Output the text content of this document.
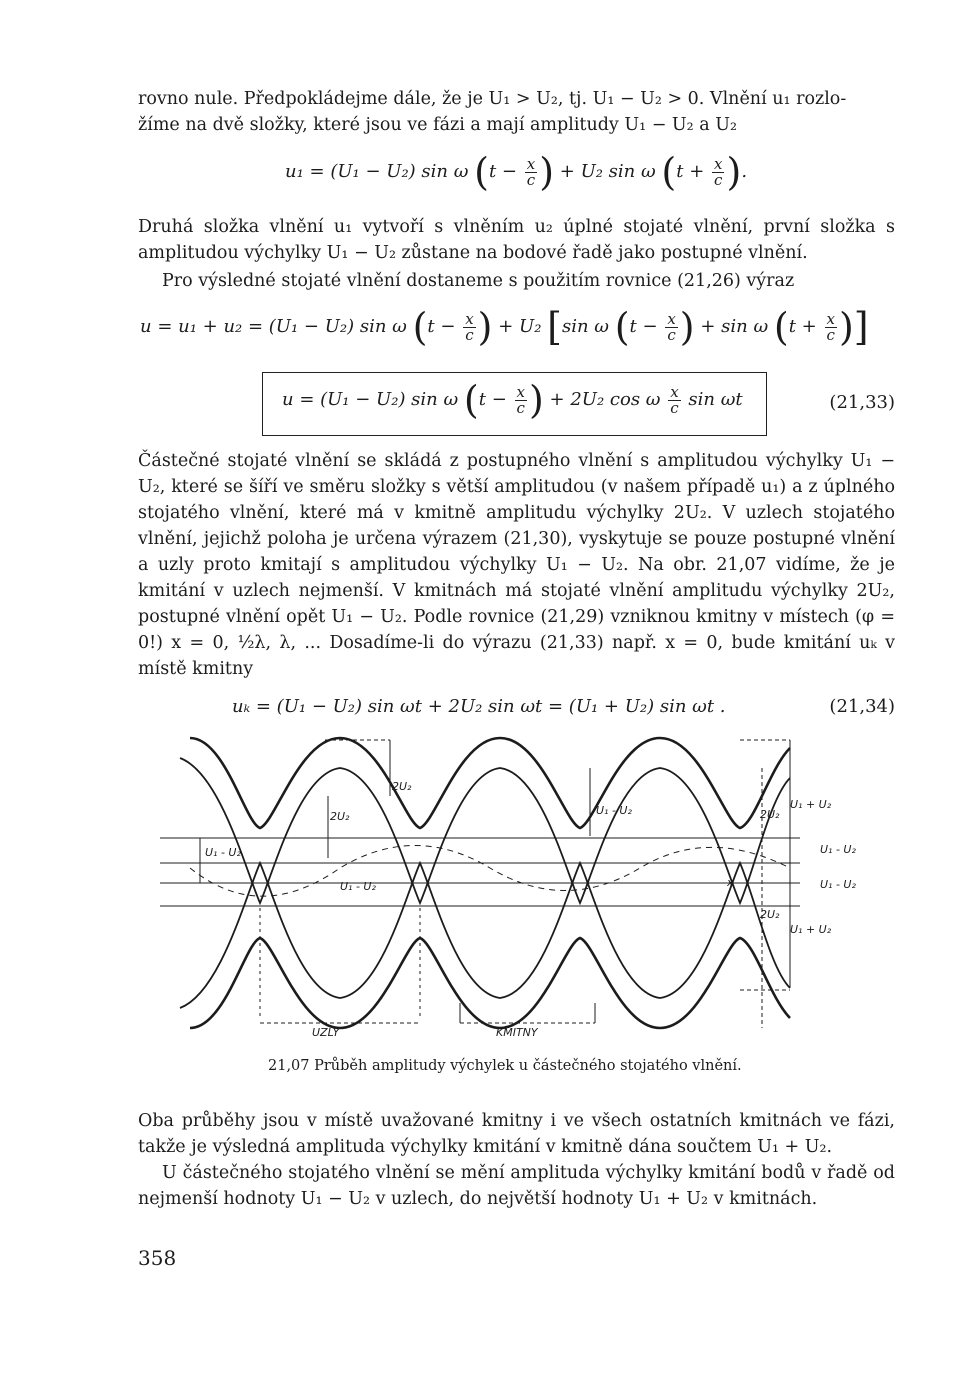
rovno nule. Předpokládejme dále, že je U₁ > U₂, tj. U₁ − U₂ > 0. Vlnění u₁ rozlo-
žíme na dvě složky, které jsou ve fázi a mají amplitudy U₁ − U₂ a U₂
u₁ = (U₁ − U₂) sin ω ($t - \frac{x}{c}$ ) + U₂ sin ω ($t + \frac{x}{c}$ ).
Druhá složka vlnění u₁ vytvoří s vlněním u₂ úplné stojaté vlnění, první složka s amplitudou výchylky U₁ − U₂ zůstane na bodové řadě jako postupné vlnění.
Pro výsledné stojaté vlnění dostaneme s použitím rovnice (21,26) výraz
u = u₁ + u₂ = (U₁ − U₂) sin ω ($t - \frac{x}{c}$ ) + U₂ [sin ω ($t - \frac{x}{c}$ ) + sin ω ($t + \frac{x}{c}$ )]
u = (U₁ − U₂) sin ω ($t - \frac{x}{c}$ ) + 2U₂ cos ω $\frac{x}{c}$ sin ωt	(21,33)
Částečné stojaté vlnění se skládá z postupného vlnění s amplitudou výchylky U₁ − U₂, které se šíří ve směru složky s větší amplitudou (v našem případě u₁) a z úplného stojatého vlnění, které má v kmitně amplitudu výchylky 2U₂. V uzlech stojatého vlnění, jejichž poloha je určena výrazem (21,30), vyskytuje se pouze postupné vlnění a uzly proto kmitají s amplitudou výchylky U₁ − U₂. Na obr. 21,07 vidíme, že je kmitání v uzlech nejmenší. V kmitnách má stojaté vlnění amplitudu výchylky 2U₂, postupné vlnění opět U₁ − U₂. Podle rovnice (21,29) vzniknou kmitny v místech (φ = 0!) x = 0, ½λ, λ, ... Dosadíme-li do výrazu (21,33) např. x = 0, bude kmitání uₖ v místě kmitny
uₖ = (U₁ − U₂) sin ωt + 2U₂ sin ωt = (U₁ + U₂) sin ωt .	(21,34)
2U₂
2U₂
U₁ - U₂
U₁ - U₂
U₁ - U₂	2U₂
U₁ + U₂
U₁ - U₂
U₁ - U₂
2U₂
U₁ + U₂
x
UZLY	KMITNY
21,07 Průběh amplitudy výchylek u částečného stojatého vlnění.
Oba průběhy jsou v místě uvažované kmitny i ve všech ostatních kmitnách ve fázi, takže je výsledná amplituda výchylky kmitání v kmitně dána součtem U₁ + U₂.
U částečného stojatého vlnění se mění amplituda výchylky kmitání bodů v řadě od nejmenší hodnoty U₁ − U₂ v uzlech, do největší hodnoty U₁ + U₂ v kmitnách.
358
